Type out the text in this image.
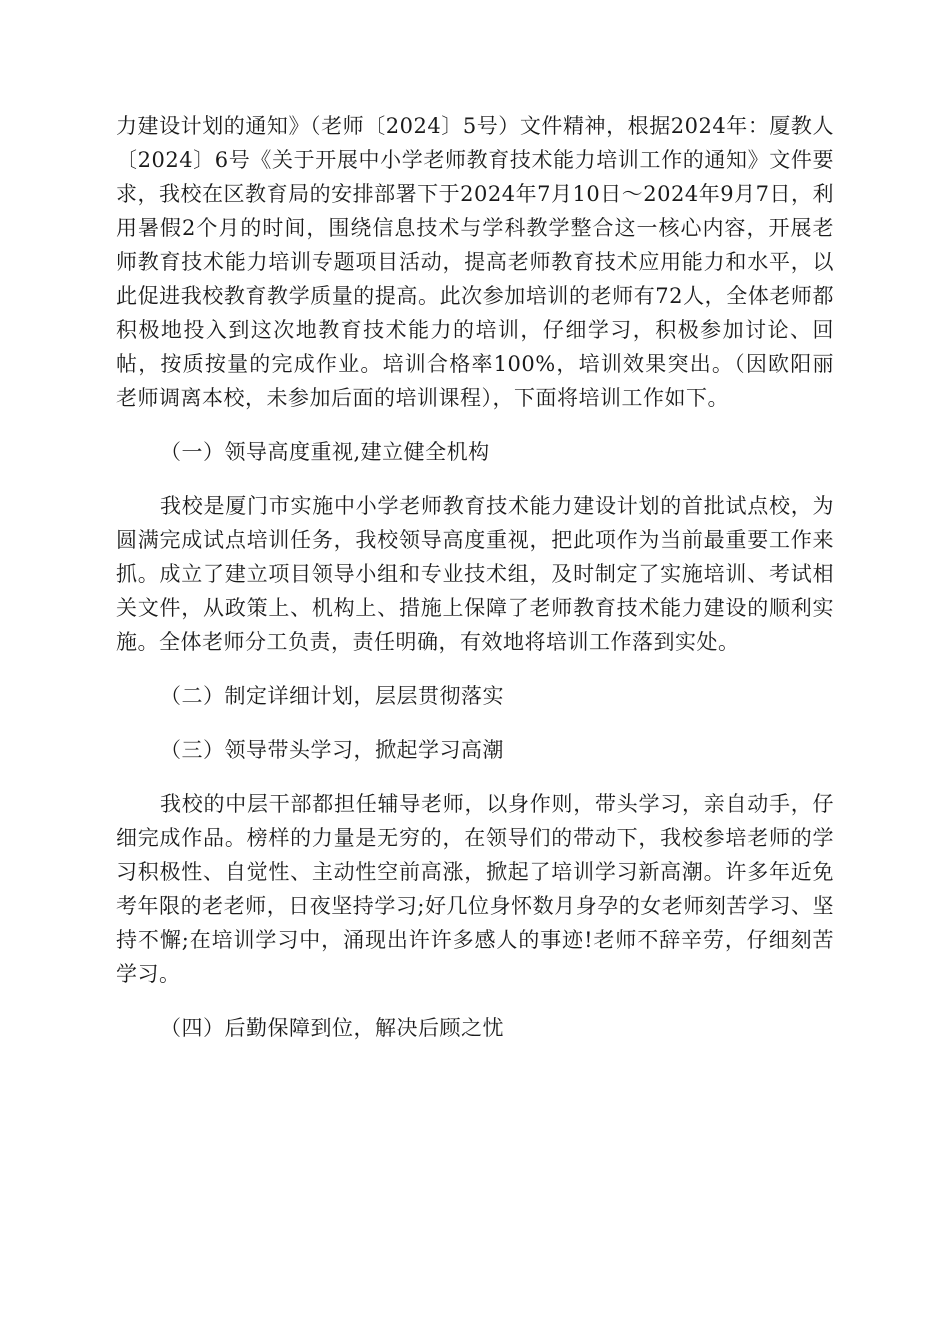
力建设计划的通知》（老师〔2024〕5号）文件精神，根据2024年：厦教人〔2024〕6号《关于开展中小学老师教育技术能力培训工作的通知》文件要求，我校在区教育局的安排部署下于2024年7月10日～2024年9月7日，利用暑假2个月的时间，围绕信息技术与学科教学整合这一核心内容，开展老师教育技术能力培训专题项目活动，提高老师教育技术应用能力和水平，以此促进我校教育教学质量的提高。此次参加培训的老师有72人，全体老师都积极地投入到这次地教育技术能力的培训，仔细学习，积极参加讨论、回帖，按质按量的完成作业。培训合格率100%，培训效果突出。（因欧阳丽老师调离本校，未参加后面的培训课程），下面将培训工作如下。

（一）领导高度重视,建立健全机构

我校是厦门市实施中小学老师教育技术能力建设计划的首批试点校，为圆满完成试点培训任务，我校领导高度重视，把此项作为当前最重要工作来抓。成立了建立项目领导小组和专业技术组，及时制定了实施培训、考试相关文件，从政策上、机构上、措施上保障了老师教育技术能力建设的顺利实施。全体老师分工负责，责任明确，有效地将培训工作落到实处。

（二）制定详细计划，层层贯彻落实

（三）领导带头学习，掀起学习高潮

我校的中层干部都担任辅导老师，以身作则，带头学习，亲自动手，仔细完成作品。榜样的力量是无穷的，在领导们的带动下，我校参培老师的学习积极性、自觉性、主动性空前高涨，掀起了培训学习新高潮。许多年近免考年限的老老师，日夜坚持学习;好几位身怀数月身孕的女老师刻苦学习、坚持不懈;在培训学习中，涌现出许许多感人的事迹!老师不辞辛劳，仔细刻苦学习。

（四）后勤保障到位，解决后顾之忧
